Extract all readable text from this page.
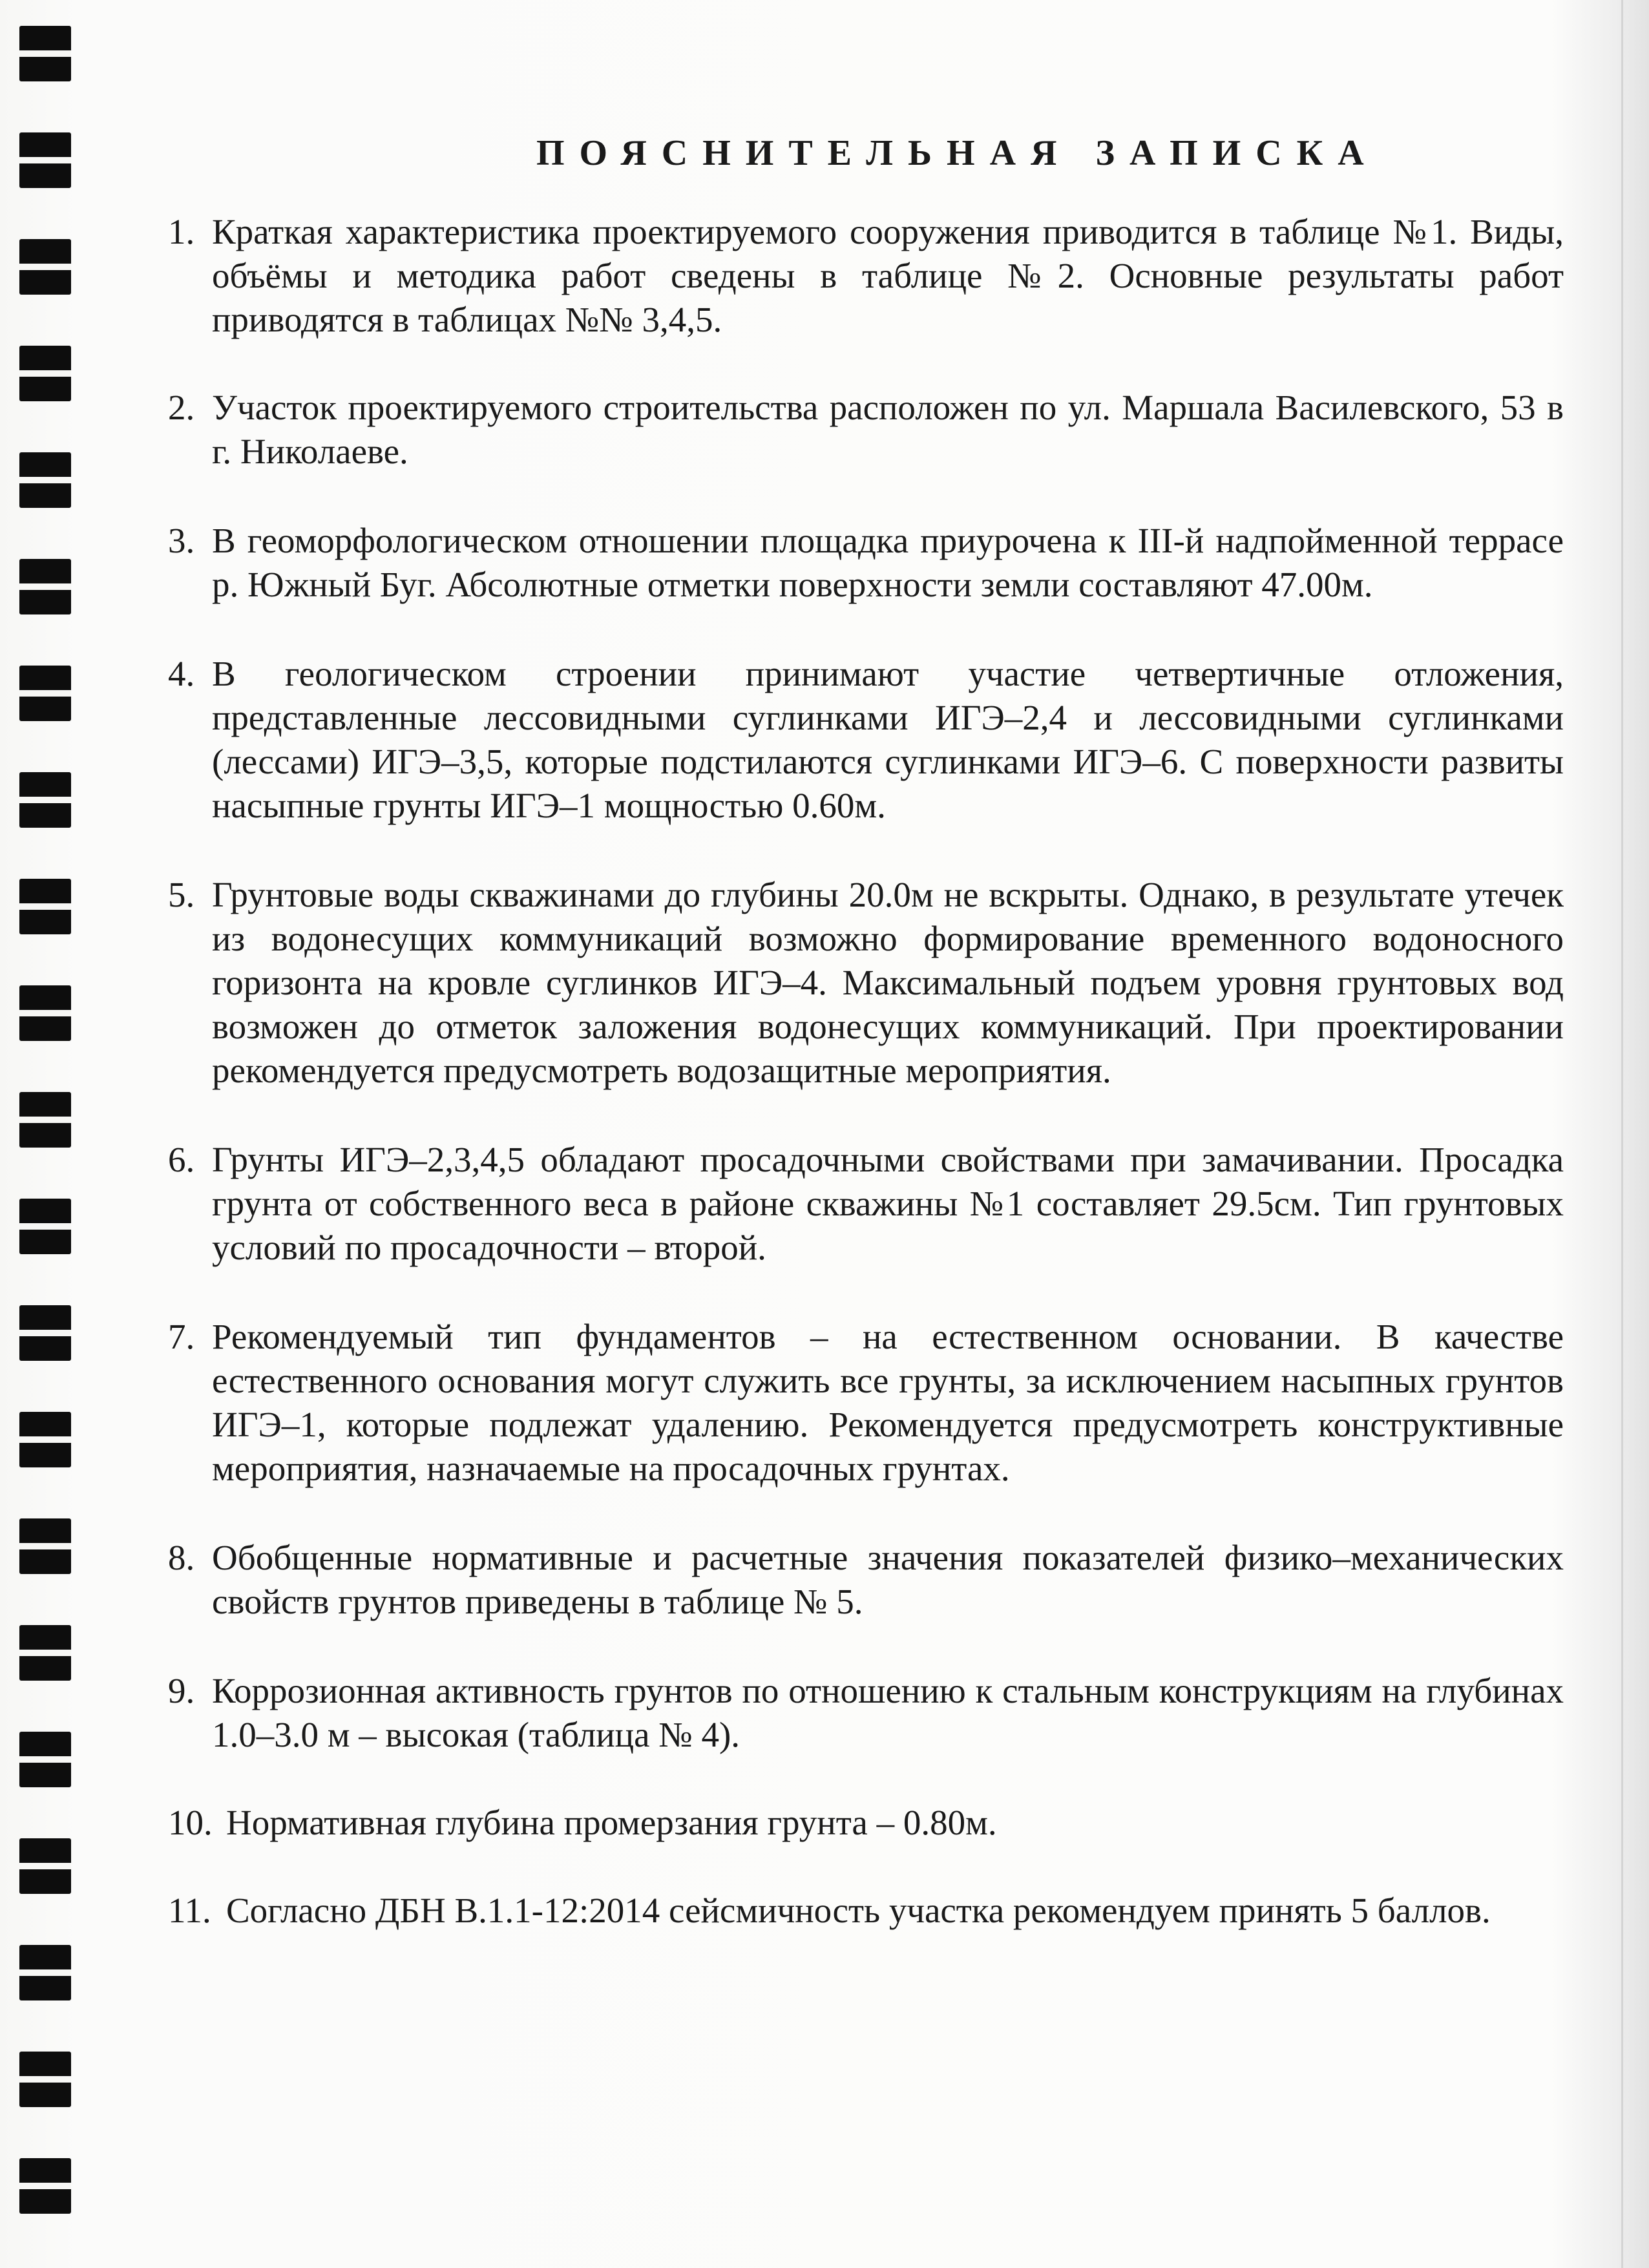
ПОЯСНИТЕЛЬНАЯ ЗАПИСКА
1. Краткая характеристика проектируемого сооружения приводится в таблице №1. Виды, объёмы и методика работ сведены в таблице №2. Основные результаты работ приводятся в таблицах №№ 3,4,5.
2. Участок проектируемого строительства расположен по ул. Маршала Василевского, 53 в г. Николаеве.
3. В геоморфологическом отношении площадка приурочена к III-й надпойменной террасе р. Южный Буг. Абсолютные отметки поверхности земли составляют 47.00м.
4. В геологическом строении принимают участие четвертичные отложения, представленные лессовидными суглинками ИГЭ–2,4 и лессовидными суглинками (лессами) ИГЭ–3,5, которые подстилаются суглинками ИГЭ–6. С поверхности развиты насыпные грунты ИГЭ–1 мощностью 0.60м.
5. Грунтовые воды скважинами до глубины 20.0м не вскрыты. Однако, в результате утечек из водонесущих коммуникаций возможно формирование временного водоносного горизонта на кровле суглинков ИГЭ–4. Максимальный подъем уровня грунтовых вод возможен до отметок заложения водонесущих коммуникаций. При проектировании рекомендуется предусмотреть водозащитные мероприятия.
6. Грунты ИГЭ–2,3,4,5 обладают просадочными свойствами при замачивании. Просадка грунта от собственного веса в районе скважины №1 составляет 29.5см. Тип грунтовых условий по просадочности – второй.
7. Рекомендуемый тип фундаментов – на естественном основании. В качестве естественного основания могут служить все грунты, за исключением насыпных грунтов ИГЭ–1, которые подлежат удалению. Рекомендуется предусмотреть конструктивные мероприятия, назначаемые на просадочных грунтах.
8. Обобщенные нормативные и расчетные значения показателей физико–механических свойств грунтов приведены в таблице № 5.
9. Коррозионная активность грунтов по отношению к стальным конструкциям на глубинах 1.0–3.0 м – высокая (таблица № 4).
10. Нормативная глубина промерзания грунта – 0.80м.
11. Согласно ДБН В.1.1-12:2014 сейсмичность участка рекомендуем принять 5 баллов.
